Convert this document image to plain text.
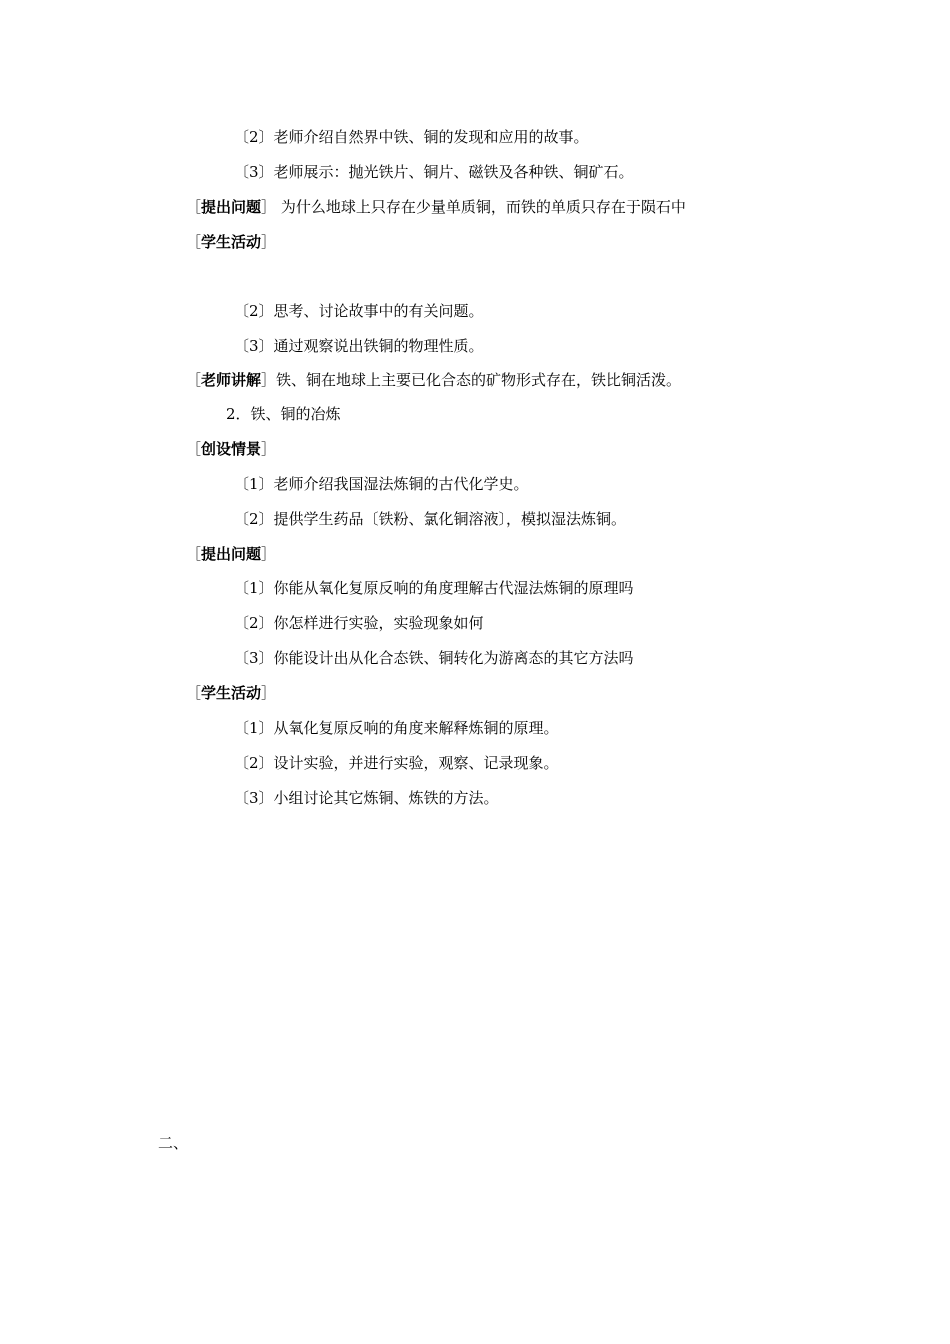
〔2〕老师介绍自然界中铁、铜的发现和应用的故事。
〔3〕老师展示：抛光铁片、铜片、磁铁及各种铁、铜矿石。
［提出问题］ 为什么地球上只存在少量单质铜，而铁的单质只存在于陨石中
［学生活动］
〔2〕思考、讨论故事中的有关问题。
〔3〕通过观察说出铁铜的物理性质。
［老师讲解］铁、铜在地球上主要已化合态的矿物形式存在，铁比铜活泼。
2．铁、铜的冶炼
［创设情景］
〔1〕老师介绍我国湿法炼铜的古代化学史。
〔2〕提供学生药品〔铁粉、氯化铜溶液〕，模拟湿法炼铜。
［提出问题］
〔1〕你能从氧化复原反响的角度理解古代湿法炼铜的原理吗
〔2〕你怎样进行实验，实验现象如何
〔3〕你能设计出从化合态铁、铜转化为游离态的其它方法吗
［学生活动］
〔1〕从氧化复原反响的角度来解释炼铜的原理。
〔2〕设计实验，并进行实验，观察、记录现象。
〔3〕小组讨论其它炼铜、炼铁的方法。
二、
